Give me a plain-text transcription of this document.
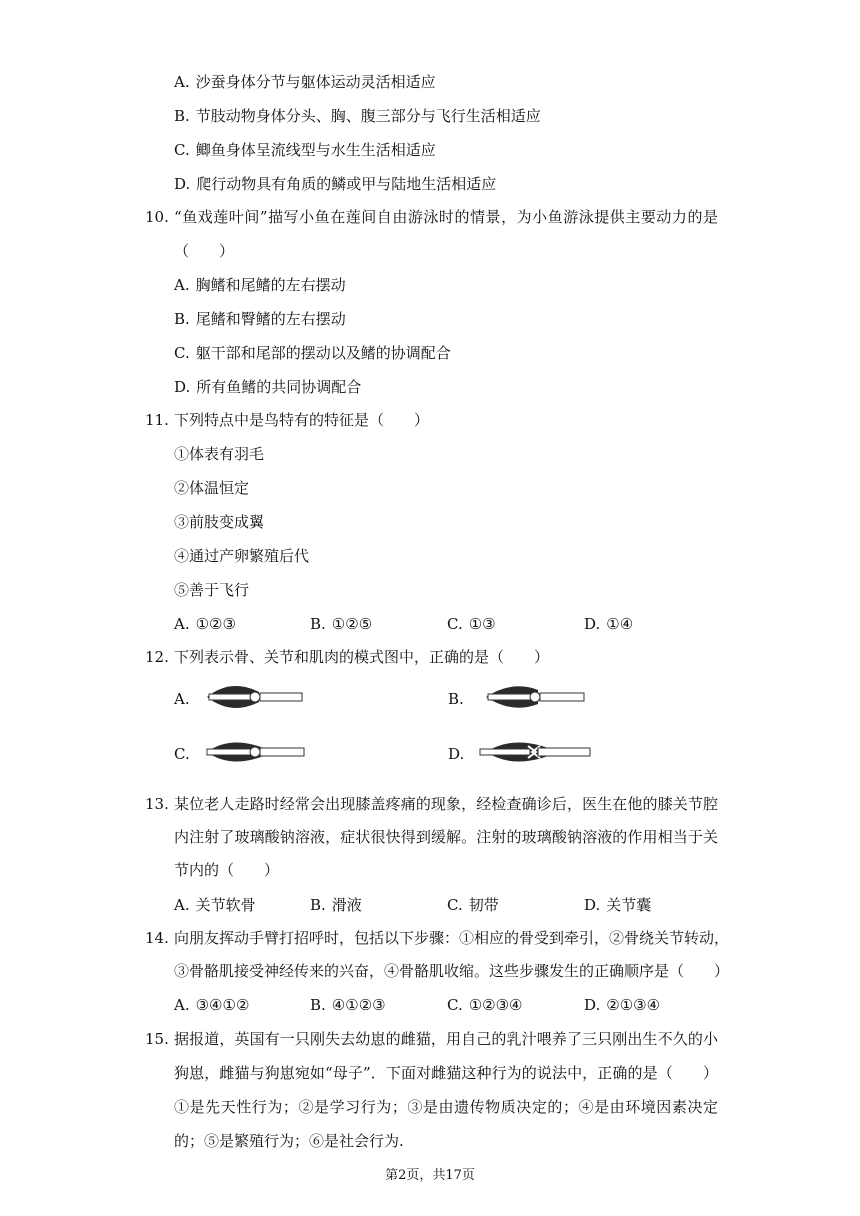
A. 沙蚕身体分节与躯体运动灵活相适应
B. 节肢动物身体分头、胸、腹三部分与飞行生活相适应
C. 鲫鱼身体呈流线型与水生生活相适应
D. 爬行动物具有角质的鳞或甲与陆地生活相适应
10. “鱼戏莲叶间”描写小鱼在莲间自由游泳时的情景，为小鱼游泳提供主要动力的是
（　　）
A. 胸鳍和尾鳍的左右摆动
B. 尾鳍和臀鳍的左右摆动
C. 躯干部和尾部的摆动以及鳍的协调配合
D. 所有鱼鳍的共同协调配合
11. 下列特点中是鸟特有的特征是（　　）
①体表有羽毛
②体温恒定
③前肢变成翼
④通过产卵繁殖后代
⑤善于飞行
A. ①②③	B. ①②⑤	C. ①③	D. ①④
12. 下列表示骨、关节和肌肉的模式图中，正确的是（　　）
A.	B.
C.	D.
13. 某位老人走路时经常会出现膝盖疼痛的现象，经检查确诊后，医生在他的膝关节腔
内注射了玻璃酸钠溶液，症状很快得到缓解。注射的玻璃酸钠溶液的作用相当于关
节内的（　　）
A. 关节软骨	B. 滑液	C. 韧带	D. 关节囊
14. 向朋友挥动手臂打招呼时，包括以下步骤：①相应的骨受到牵引，②骨绕关节转动，
③骨骼肌接受神经传来的兴奋，④骨骼肌收缩。这些步骤发生的正确顺序是（　　）
A. ③④①②	B. ④①②③	C. ①②③④	D. ②①③④
15. 据报道，英国有一只刚失去幼崽的雌猫，用自己的乳汁喂养了三只刚出生不久的小
狗崽，雌猫与狗崽宛如“母子”．下面对雌猫这种行为的说法中，正确的是（　　）
①是先天性行为；②是学习行为；③是由遗传物质决定的；④是由环境因素决定
的；⑤是繁殖行为；⑥是社会行为.
第2页，共17页
